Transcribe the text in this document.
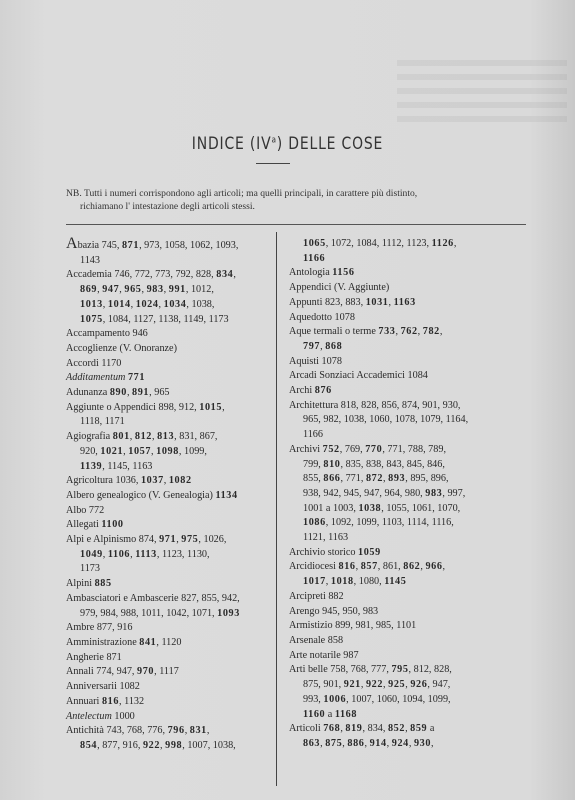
INDICE $(IV^a)$ DELLE COSE
NB. Tutti i numeri corrispondono agli articoli; ma quelli principali, in carattere più distinto,
richiamano l' intestazione degli articoli stessi.
Abazia 745, 871, 973, 1058, 1062, 1093,
1143
Accademia 746, 772, 773, 792, 828, 834,
869, 947, 965, 983, 991, 1012,
1013, 1014, 1024, 1034, 1038,
1075, 1084, 1127, 1138, 1149, 1173
Accampamento 946
Accoglienze (V. Onoranze)
Accordi 1170
Additamentum 771
Adunanza 890, 891, 965
Aggiunte o Appendici 898, 912, 1015,
1118, 1171
Agiografia 801, 812, 813, 831, 867,
920, 1021, 1057, 1098, 1099,
1139, 1145, 1163
Agricoltura 1036, 1037, 1082
Albero genealogico (V. Genealogia) 1134
Albo 772
Allegati 1100
Alpi e Alpinismo 874, 971, 975, 1026,
1049, 1106, 1113, 1123, 1130,
1173
Alpini 885
Ambasciatori e Ambascerie 827, 855, 942,
979, 984, 988, 1011, 1042, 1071, 1093
Ambre 877, 916
Amministrazione 841, 1120
Angherie 871
Annali 774, 947, 970, 1117
Anniversarii 1082
Annuari 816, 1132
Antelectum 1000
Antichità 743, 768, 776, 796, 831,
854, 877, 916, 922, 998, 1007, 1038,
1065, 1072, 1084, 1112, 1123, 1126,
1166
Antologia 1156
Appendici (V. Aggiunte)
Appunti 823, 883, 1031, 1163
Aquedotto 1078
Aque termali o terme 733, 762, 782,
797, 868
Aquisti 1078
Arcadi Sonziaci Accademici 1084
Archi 876
Architettura 818, 828, 856, 874, 901, 930,
965, 982, 1038, 1060, 1078, 1079, 1164,
1166
Archivi 752, 769, 770, 771, 788, 789,
799, 810, 835, 838, 843, 845, 846,
855, 866, 771, 872, 893, 895, 896,
938, 942, 945, 947, 964, 980, 983, 997,
1001 a 1003, 1038, 1055, 1061, 1070,
1086, 1092, 1099, 1103, 1114, 1116,
1121, 1163
Archivio storico 1059
Arcidiocesi 816, 857, 861, 862, 966,
1017, 1018, 1080, 1145
Arcipreti 882
Arengo 945, 950, 983
Armistizio 899, 981, 985, 1101
Arsenale 858
Arte notarile 987
Arti belle 758, 768, 777, 795, 812, 828,
875, 901, 921, 922, 925, 926, 947,
993, 1006, 1007, 1060, 1094, 1099,
1160 a 1168
Articoli 768, 819, 834, 852, 859 a
863, 875, 886, 914, 924, 930,
